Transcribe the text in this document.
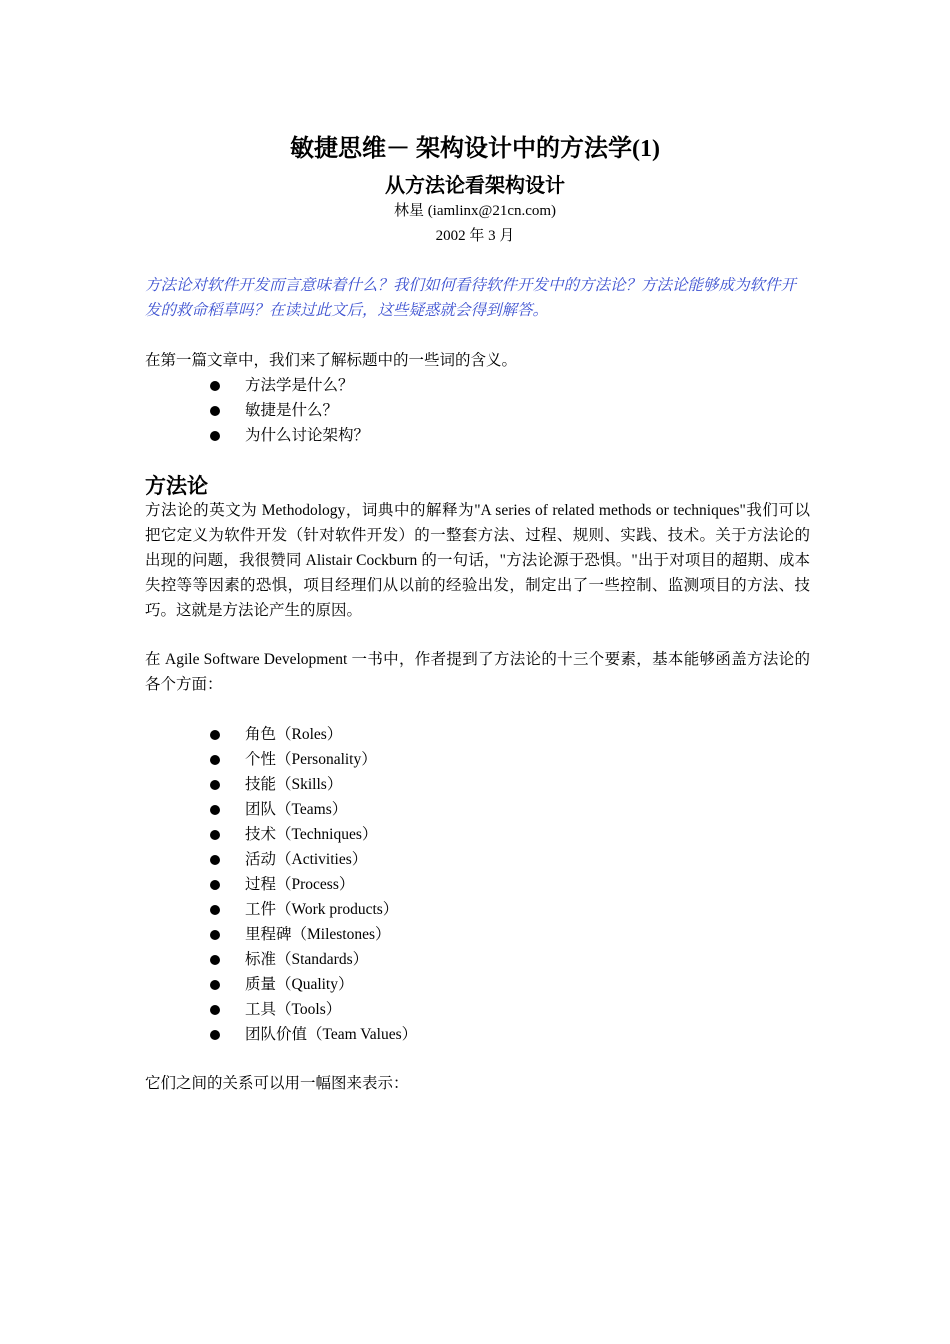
敏捷思维－ 架构设计中的方法学(1)
从方法论看架构设计
林星 (iamlinx@21cn.com)
2002 年 3 月
方法论对软件开发而言意味着什么？我们如何看待软件开发中的方法论？方法论能够成为软件开发的救命稻草吗？在读过此文后，这些疑惑就会得到解答。
在第一篇文章中，我们来了解标题中的一些词的含义。
方法学是什么？
敏捷是什么？
为什么讨论架构？
方法论
方法论的英文为 Methodology，词典中的解释为"A series of related methods or techniques"我们可以把它定义为软件开发（针对软件开发）的一整套方法、过程、规则、实践、技术。关于方法论的出现的问题，我很赞同 Alistair Cockburn 的一句话，"方法论源于恐惧。"出于对项目的超期、成本失控等等因素的恐惧，项目经理们从以前的经验出发，制定出了一些控制、监测项目的方法、技巧。这就是方法论产生的原因。
在 Agile Software Development 一书中，作者提到了方法论的十三个要素，基本能够函盖方法论的各个方面：
角色（Roles）
个性（Personality）
技能（Skills）
团队（Teams）
技术（Techniques）
活动（Activities）
过程（Process）
工件（Work products）
里程碑（Milestones）
标准（Standards）
质量（Quality）
工具（Tools）
团队价值（Team Values）
它们之间的关系可以用一幅图来表示：
